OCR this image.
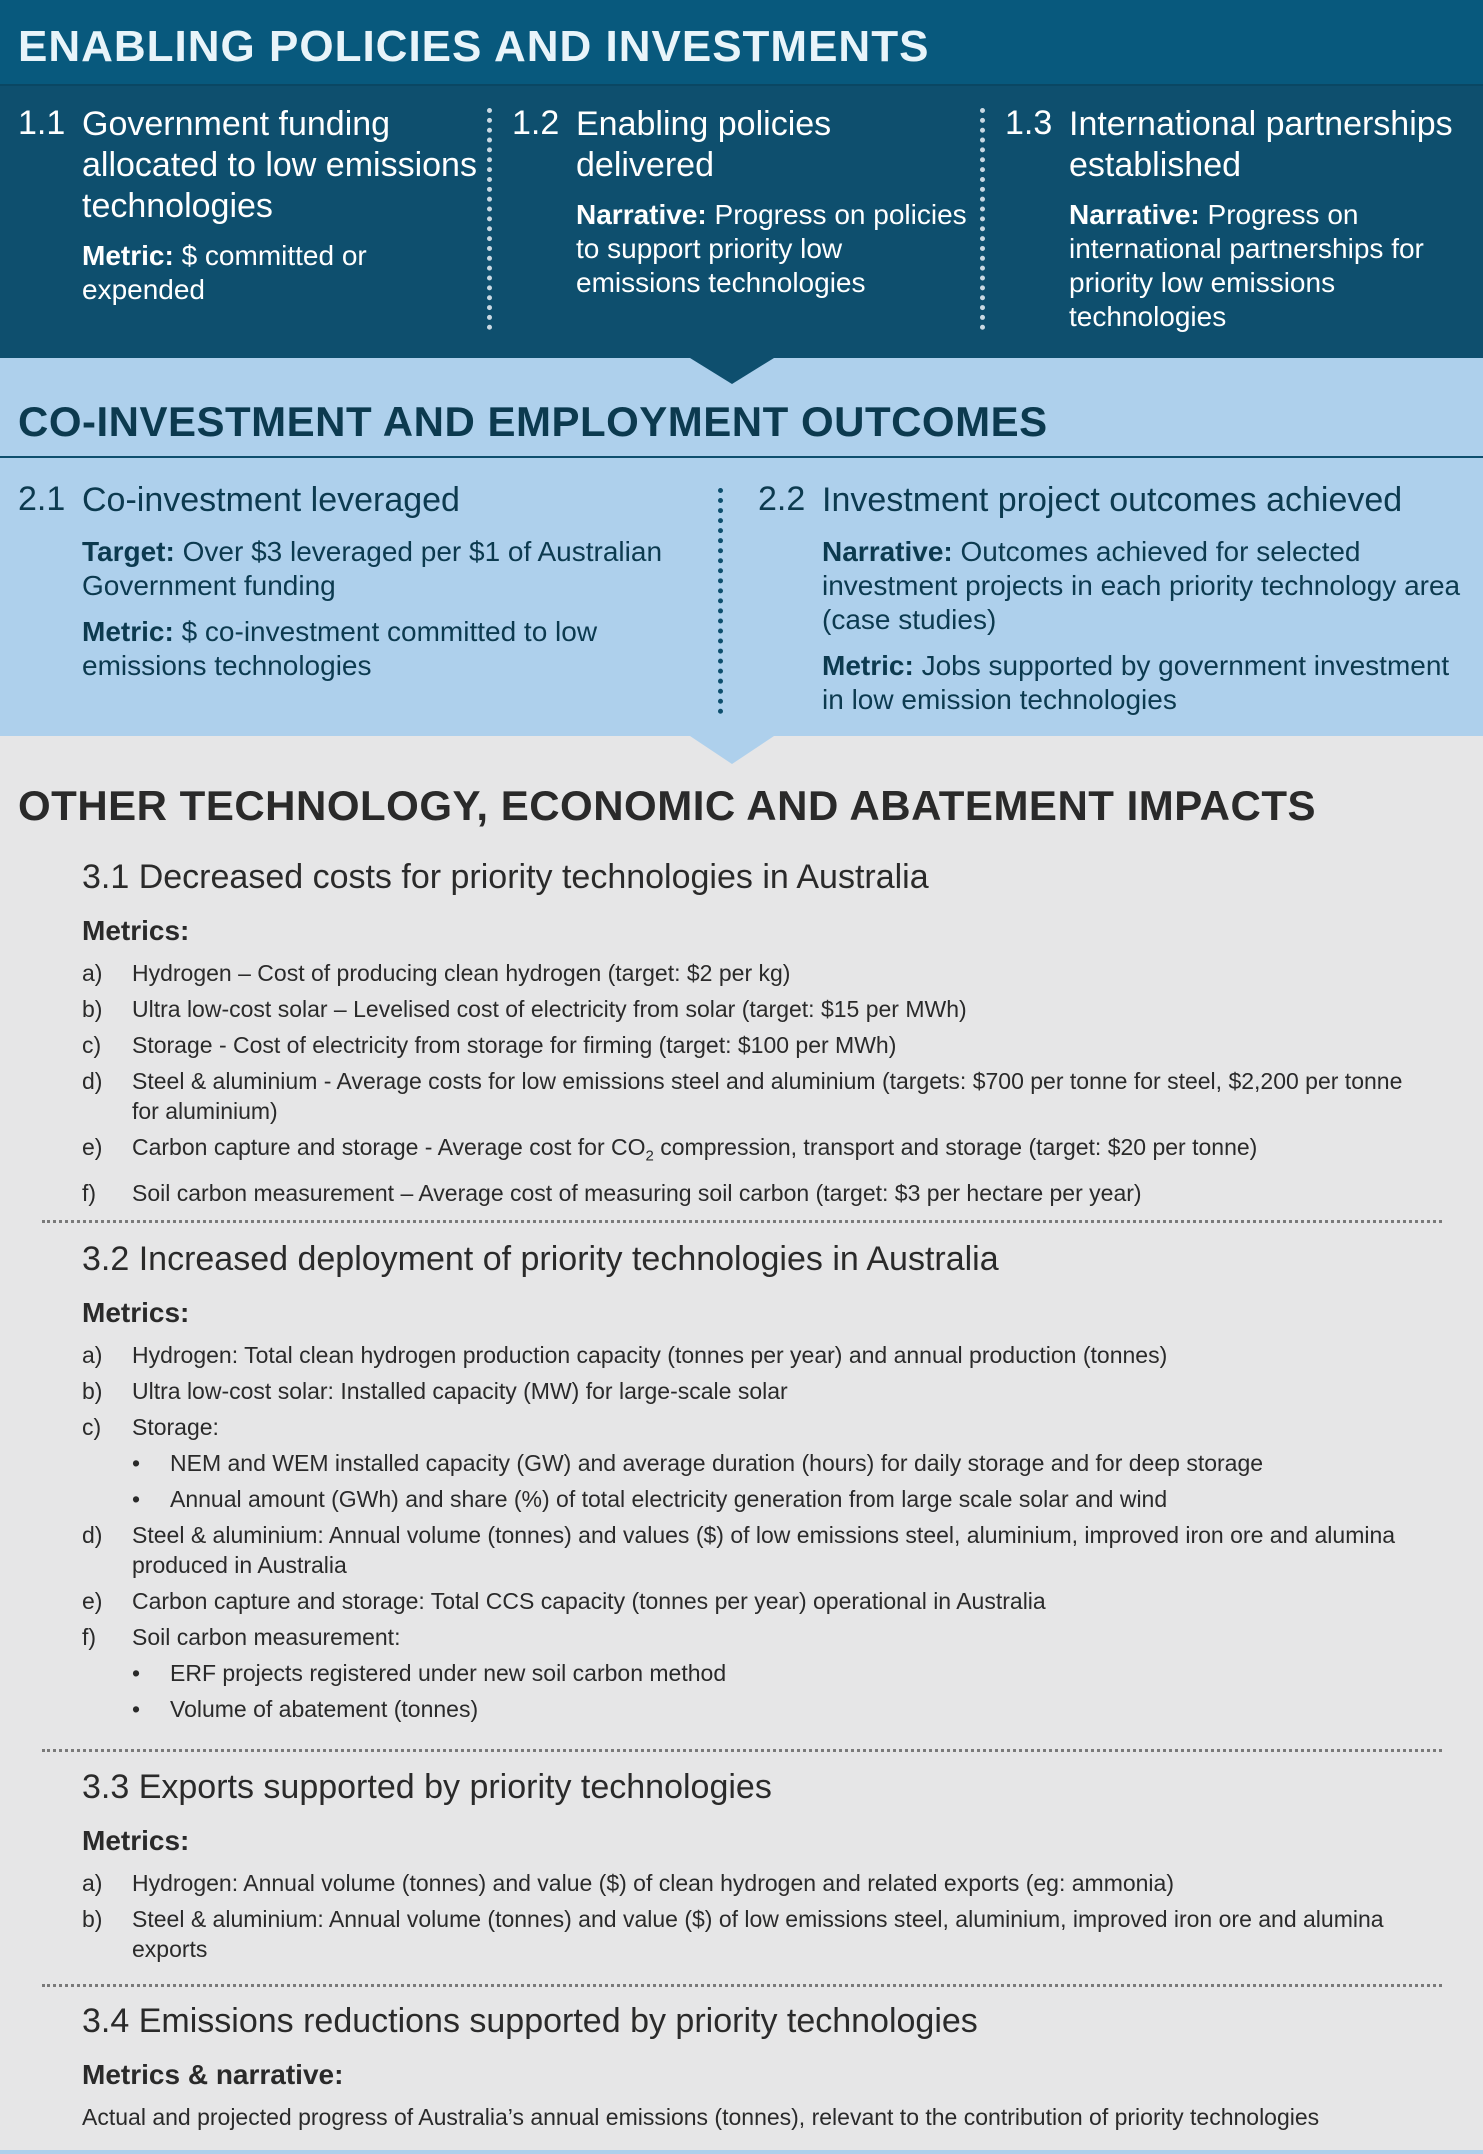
ENABLING POLICIES AND INVESTMENTS
1.1 Government funding allocated to low emissions technologies
Metric: $ committed or expended
1.2 Enabling policies delivered
Narrative: Progress on policies to support priority low emissions technologies
1.3 International partnerships established
Narrative: Progress on international partnerships for priority low emissions technologies
CO-INVESTMENT AND EMPLOYMENT OUTCOMES
2.1 Co-investment leveraged
Target: Over $3 leveraged per $1 of Australian Government funding
Metric: $ co-investment committed to low emissions technologies
2.2 Investment project outcomes achieved
Narrative: Outcomes achieved for selected investment projects in each priority technology area (case studies)
Metric: Jobs supported by government investment in low emission technologies
OTHER TECHNOLOGY, ECONOMIC AND ABATEMENT IMPACTS
3.1 Decreased costs for priority technologies in Australia
Metrics:
a) Hydrogen – Cost of producing clean hydrogen (target: $2 per kg)
b) Ultra low-cost solar – Levelised cost of electricity from solar (target: $15 per MWh)
c) Storage - Cost of electricity from storage for firming (target: $100 per MWh)
d) Steel & aluminium - Average costs for low emissions steel and aluminium (targets: $700 per tonne for steel, $2,200 per tonne for aluminium)
e) Carbon capture and storage - Average cost for $CO_2$ compression, transport and storage (target: $20 per tonne)
f) Soil carbon measurement – Average cost of measuring soil carbon (target: $3 per hectare per year)
3.2 Increased deployment of priority technologies in Australia
Metrics:
a) Hydrogen: Total clean hydrogen production capacity (tonnes per year) and annual production (tonnes)
b) Ultra low-cost solar: Installed capacity (MW) for large-scale solar
c) Storage:
• NEM and WEM installed capacity (GW) and average duration (hours) for daily storage and for deep storage
• Annual amount (GWh) and share (%) of total electricity generation from large scale solar and wind
d) Steel & aluminium: Annual volume (tonnes) and values ($) of low emissions steel, aluminium, improved iron ore and alumina produced in Australia
e) Carbon capture and storage: Total CCS capacity (tonnes per year) operational in Australia
f) Soil carbon measurement:
• ERF projects registered under new soil carbon method
• Volume of abatement (tonnes)
3.3 Exports supported by priority technologies
Metrics:
a) Hydrogen: Annual volume (tonnes) and value ($) of clean hydrogen and related exports (eg: ammonia)
b) Steel & aluminium: Annual volume (tonnes) and value ($) of low emissions steel, aluminium, improved iron ore and alumina exports
3.4 Emissions reductions supported by priority technologies
Metrics & narrative:
Actual and projected progress of Australia’s annual emissions (tonnes), relevant to the contribution of priority technologies
